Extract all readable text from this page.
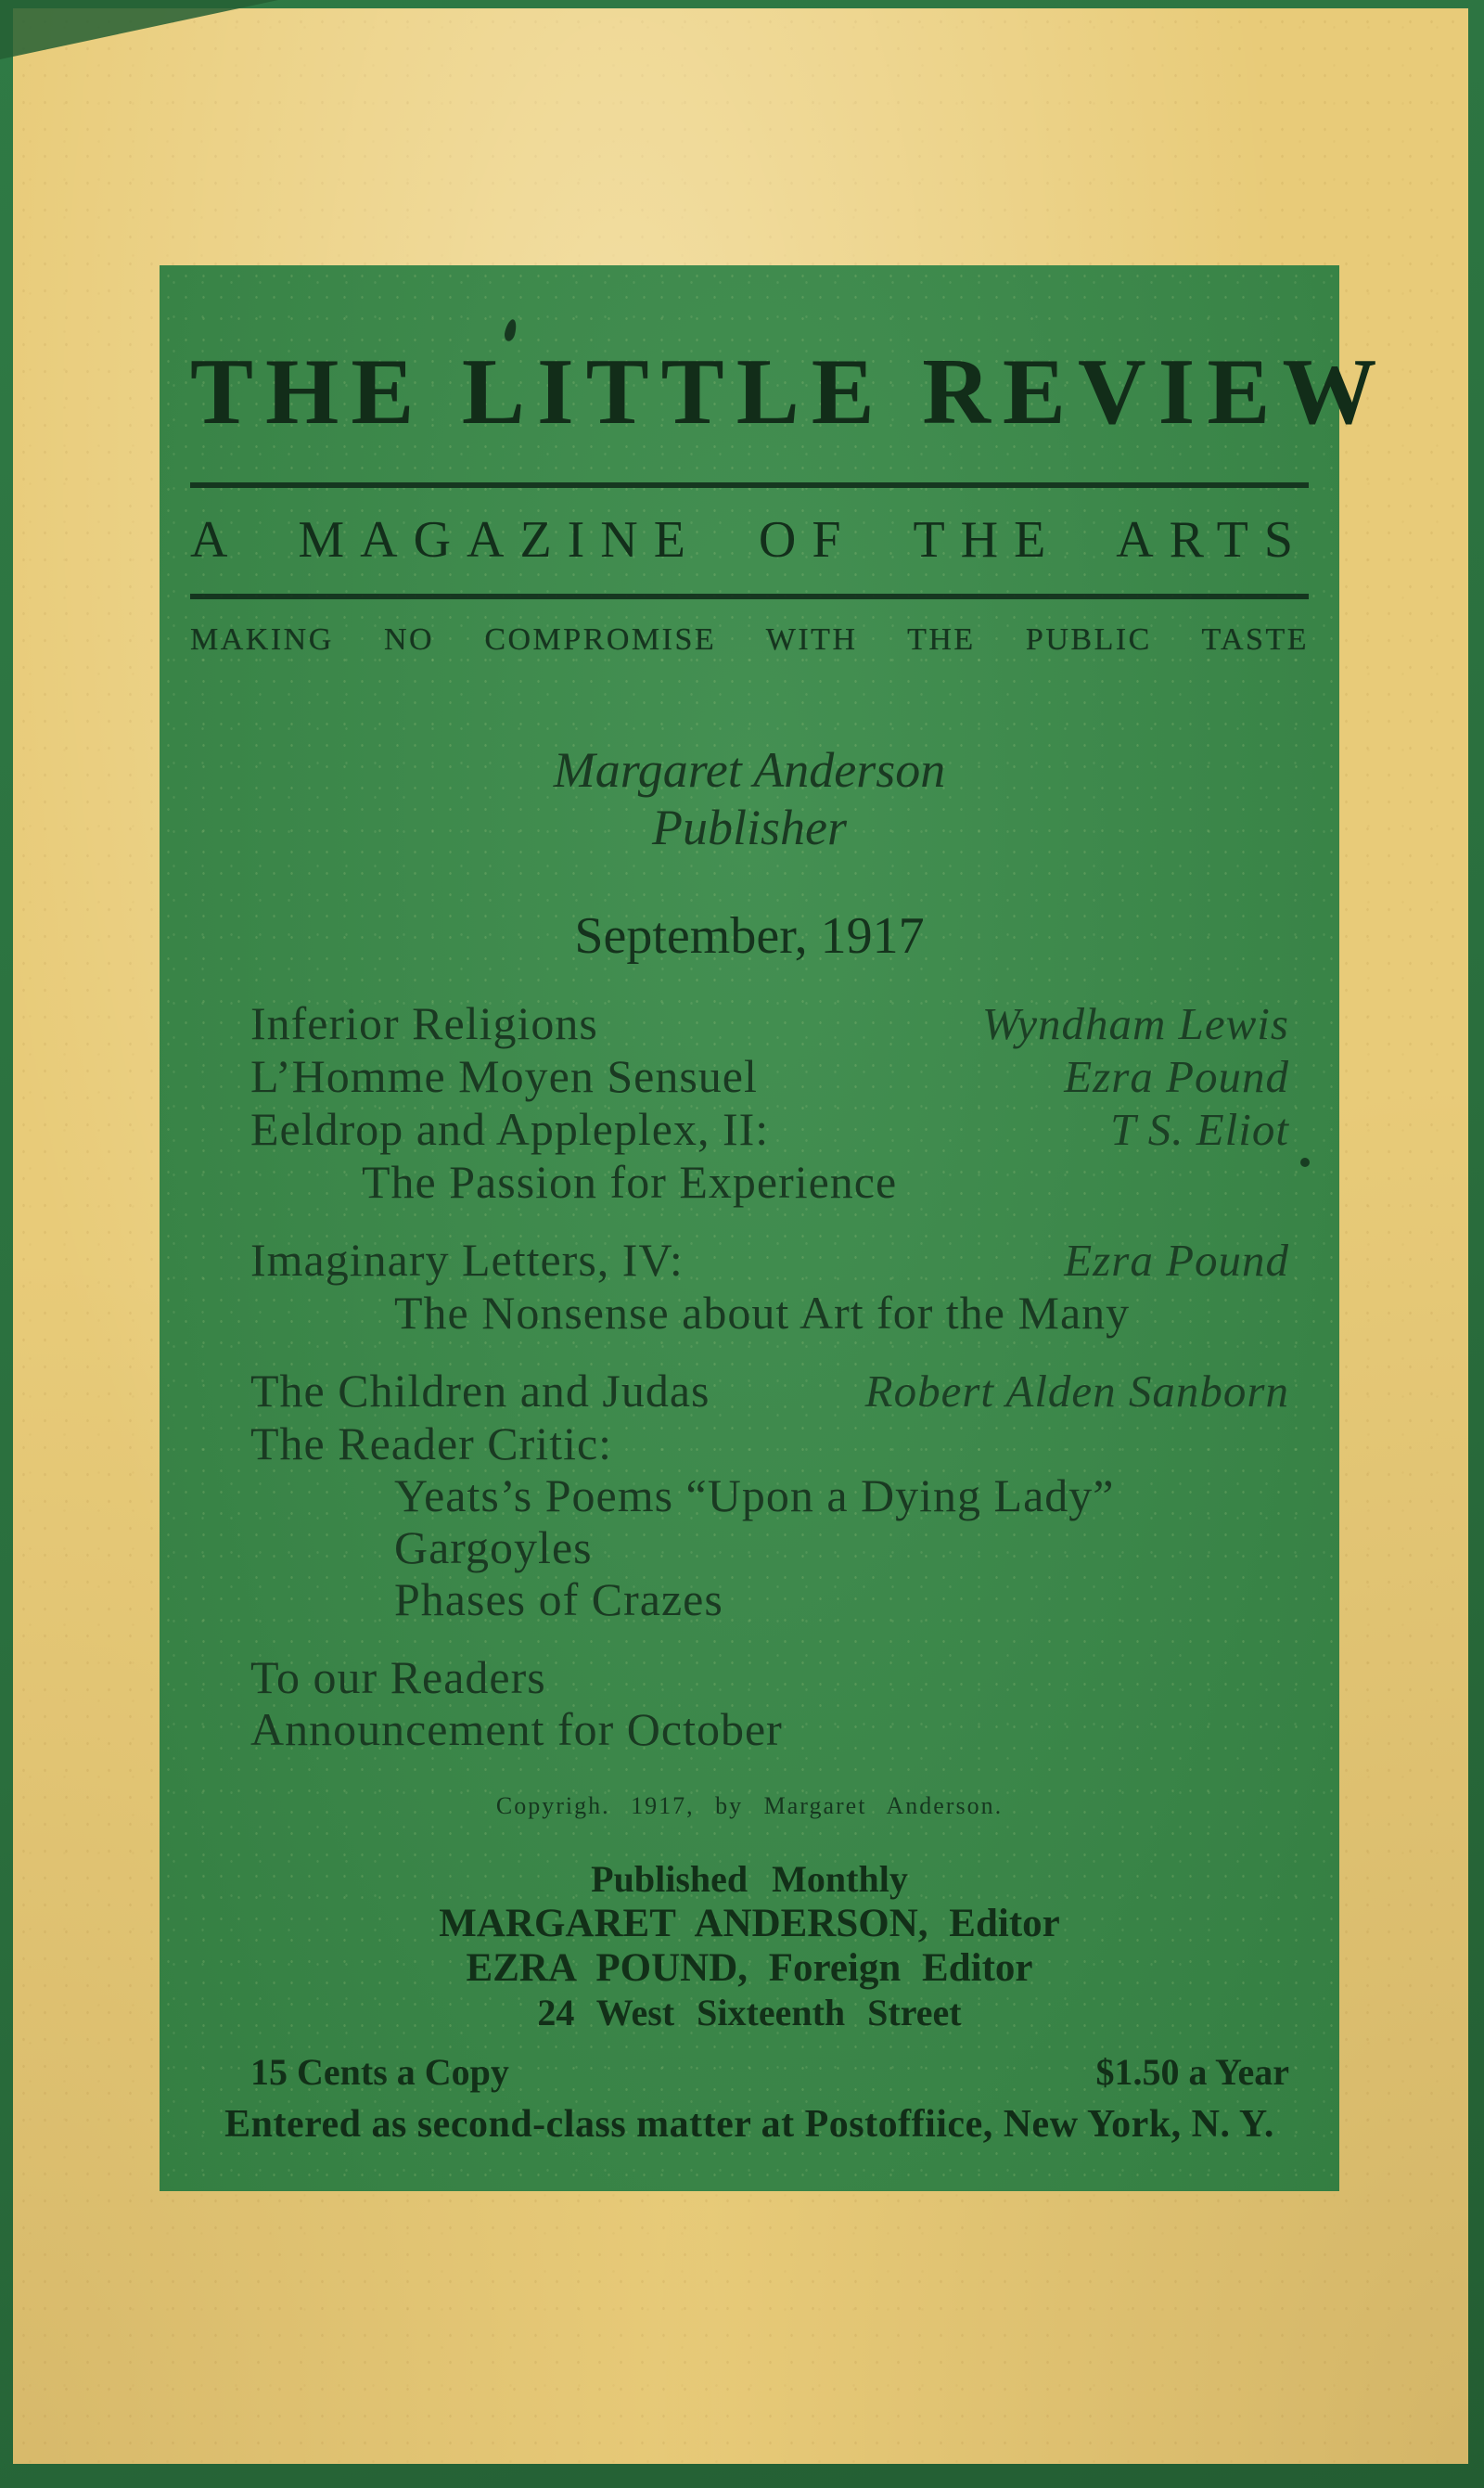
THE LITTLE REVIEW
A MAGAZINE OF THE ARTS
MAKING NO COMPROMISE WITH THE PUBLIC TASTE
Margaret Anderson
Publisher
September, 1917
Inferior Religions	Wyndham Lewis
L’Homme Moyen Sensuel	Ezra Pound
Eeldrop and Appleplex, II:	T S. Eliot
The Passion for Experience
Imaginary Letters, IV:	Ezra Pound
The Nonsense about Art for the Many
The Children and Judas	Robert Alden Sanborn
The Reader Critic:
Yeats’s Poems “Upon a Dying Lady”
Gargoyles
Phases of Crazes
To our Readers
Announcement for October
Copyrigh. 1917, by Margaret Anderson.
Published Monthly
MARGARET ANDERSON, Editor
EZRA POUND, Foreign Editor
24 West Sixteenth Street
15 Cents a Copy	$1.50 a Year
Entered as second-class matter at Postoffiice, New York, N. Y.
